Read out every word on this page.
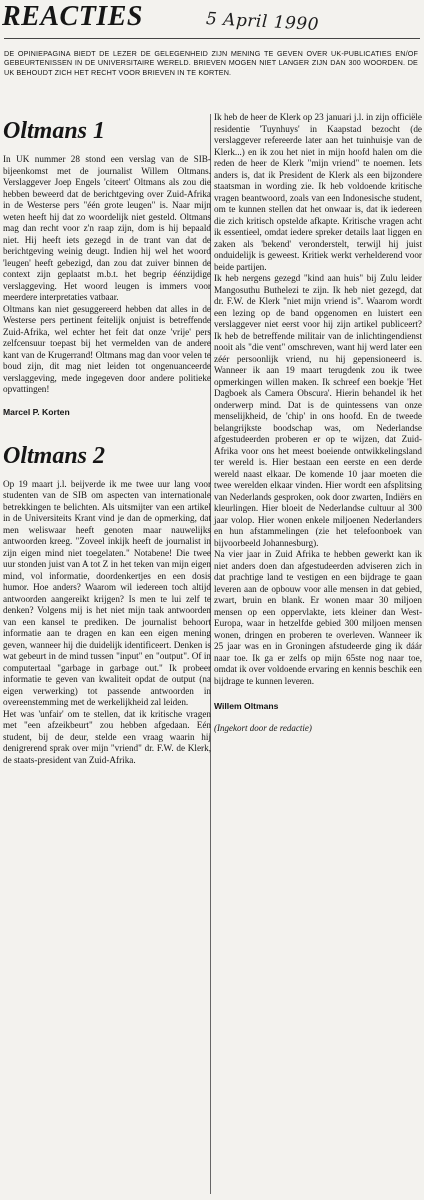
REACTIES	5 April 1990
DE OPINIEPAGINA BIEDT DE LEZER DE GELEGENHEID ZIJN MENING TE GEVEN OVER UK-PUBLICATIES EN/OF GEBEURTENISSEN IN DE UNIVERSITAIRE WERELD. BRIEVEN MOGEN NIET LANGER ZIJN DAN 300 WOORDEN. DE UK BEHOUDT ZICH HET RECHT VOOR BRIEVEN IN TE KORTEN.
Oltmans 1

In UK nummer 28 stond een verslag van de SIB-bijeenkomst met de journalist Willem Oltmans. Verslaggever Joep Engels 'citeert' Oltmans als zou die hebben beweerd dat de berichtgeving over Zuid-Afrika in de Westerse pers "één grote leugen" is. Naar mijn weten heeft hij dat zo woordelijk niet gesteld. Oltmans mag dan recht voor z'n raap zijn, dom is hij bepaald niet. Hij heeft iets gezegd in de trant van dat de berichtgeving weinig deugt. Indien hij wel het woord 'leugen' heeft gebezigd, dan zou dat zuiver binnen de context zijn geplaatst m.b.t. het begrip éénzijdige verslaggeving. Het woord leugen is immers voor meerdere interpretaties vatbaar.

Oltmans kan niet gesuggereerd hebben dat alles in de Westerse pers pertinent feitelijk onjuist is betreffende Zuid-Afrika, wel echter het feit dat onze 'vrije' pers zelfcensuur toepast bij het vermelden van de andere kant van de Krugerrand! Oltmans mag dan voor velen te boud zijn, dit mag niet leiden tot ongenuanceerde verslaggeving, mede ingegeven door andere politieke opvattingen!

Marcel P. Korten
Oltmans 2

Op 19 maart j.l. beijverde ik me twee uur lang voor studenten van de SIB om aspecten van internationale betrekkingen te belichten. Als uitsmijter van een artikel in de Universiteits Krant vind je dan de opmerking, dat men weliswaar heeft genoten maar nauwelijks antwoorden kreeg. "Zoveel inkijk heeft de journalist in zijn eigen mind niet toegelaten." Notabene! Die twee uur stonden juist van A tot Z in het teken van mijn eigen mind, vol informatie, doordenkertjes en een dosis humor. Hoe anders? Waarom wil iedereen toch altijd antwoorden aangereikt krijgen? Is men te lui zelf te denken? Volgens mij is het niet mijn taak antwoorden van een kansel te prediken. De journalist behoort informatie aan te dragen en kan een eigen mening geven, wanneer hij die duidelijk identificeert. Denken is wat gebeurt in de mind tussen "input" en "output". Of in computertaal "garbage in garbage out." Ik probeer informatie te geven van kwaliteit opdat de output (na eigen verwerking) tot passende antwoorden in overeenstemming met de werkelijkheid zal leiden.

Het was 'unfair' om te stellen, dat ik kritische vragen met "een afzeikbeurt" zou hebben afgedaan. Eén student, bij de deur, stelde een vraag waarin hij denigrerend sprak over mijn "vriend" dr. F.W. de Klerk, de staats-president van Zuid-Afrika.

Ik heb de heer de Klerk op 23 januari j.l. in zijn officiële residentie 'Tuynhuys' in Kaapstad bezocht (de verslaggever refereerde later aan het tuinhuisje van de Klerk...) en ik zou het niet in mijn hoofd halen om die reden de heer de Klerk "mijn vriend" te noemen. Iets anders is, dat ik President de Klerk als een bijzondere staatsman in wording zie. Ik heb voldoende kritische vragen beantwoord, zoals van een Indonesische student, om te kunnen stellen dat het onwaar is, dat ik iedereen die zich kritisch opstelde afkapte. Kritische vragen acht ik essentieel, omdat iedere spreker details laat liggen en zaken als 'bekend' veronderstelt, terwijl hij juist onduidelijk is geweest. Kritiek werkt verhelderend voor beide partijen.

Ik heb nergens gezegd "kind aan huis" bij Zulu leider Mangosuthu Buthelezi te zijn. Ik heb niet gezegd, dat dr. F.W. de Klerk "niet mijn vriend is". Waarom wordt een lezing op de band opgenomen en luistert een verslaggever niet eerst voor hij zijn artikel publiceert? Ik heb de betreffende militair van de inlichtingendienst nooit als "die vent" omschreven, want hij werd later een zéér persoonlijk vriend, nu hij gepensioneerd is. Wanneer ik aan 19 maart terugdenk zou ik twee opmerkingen willen maken. Ik schreef een boekje 'Het Dagboek als Camera Obscura'. Hierin behandel ik het onderwerp mind. Dat is de quintessens van onze menselijkheid, de 'chip' in ons hoofd. En de tweede belangrijkste boodschap was, om Nederlandse afgestudeerden proberen er op te wijzen, dat Zuid-Afrika voor ons het meest boeiende ontwikkelingsland ter wereld is. Hier bestaan een eerste en een derde wereld naast elkaar. De komende 10 jaar moeten die twee werelden elkaar vinden. Hier wordt een afsplitsing van Nederlands gesproken, ook door zwarten, Indiërs en kleurlingen. Hier bloeit de Nederlandse cultuur al 300 jaar volop. Hier wonen enkele miljoenen Nederlanders en hun afstammelingen (zie het telefoonboek van bijvoorbeeld Johannesburg).

Na vier jaar in Zuid Afrika te hebben gewerkt kan ik niet anders doen dan afgestudeerden adviseren zich in dat prachtige land te vestigen en een bijdrage te gaan leveren aan de opbouw voor alle mensen in dat gebied, zwart, bruin en blank. Er wonen maar 30 miljoen mensen op een oppervlakte, iets kleiner dan West-Europa, waar in hetzelfde gebied 300 miljoen mensen wonen, dringen en proberen te overleven. Wanneer ik 25 jaar was en in Groningen afstudeerde ging ik dáár naar toe. Ik ga er zelfs op mijn 65ste nog naar toe, omdat ik over voldoende ervaring en kennis beschik een bijdrage te kunnen leveren.

Willem Oltmans
(Ingekort door de redactie)
